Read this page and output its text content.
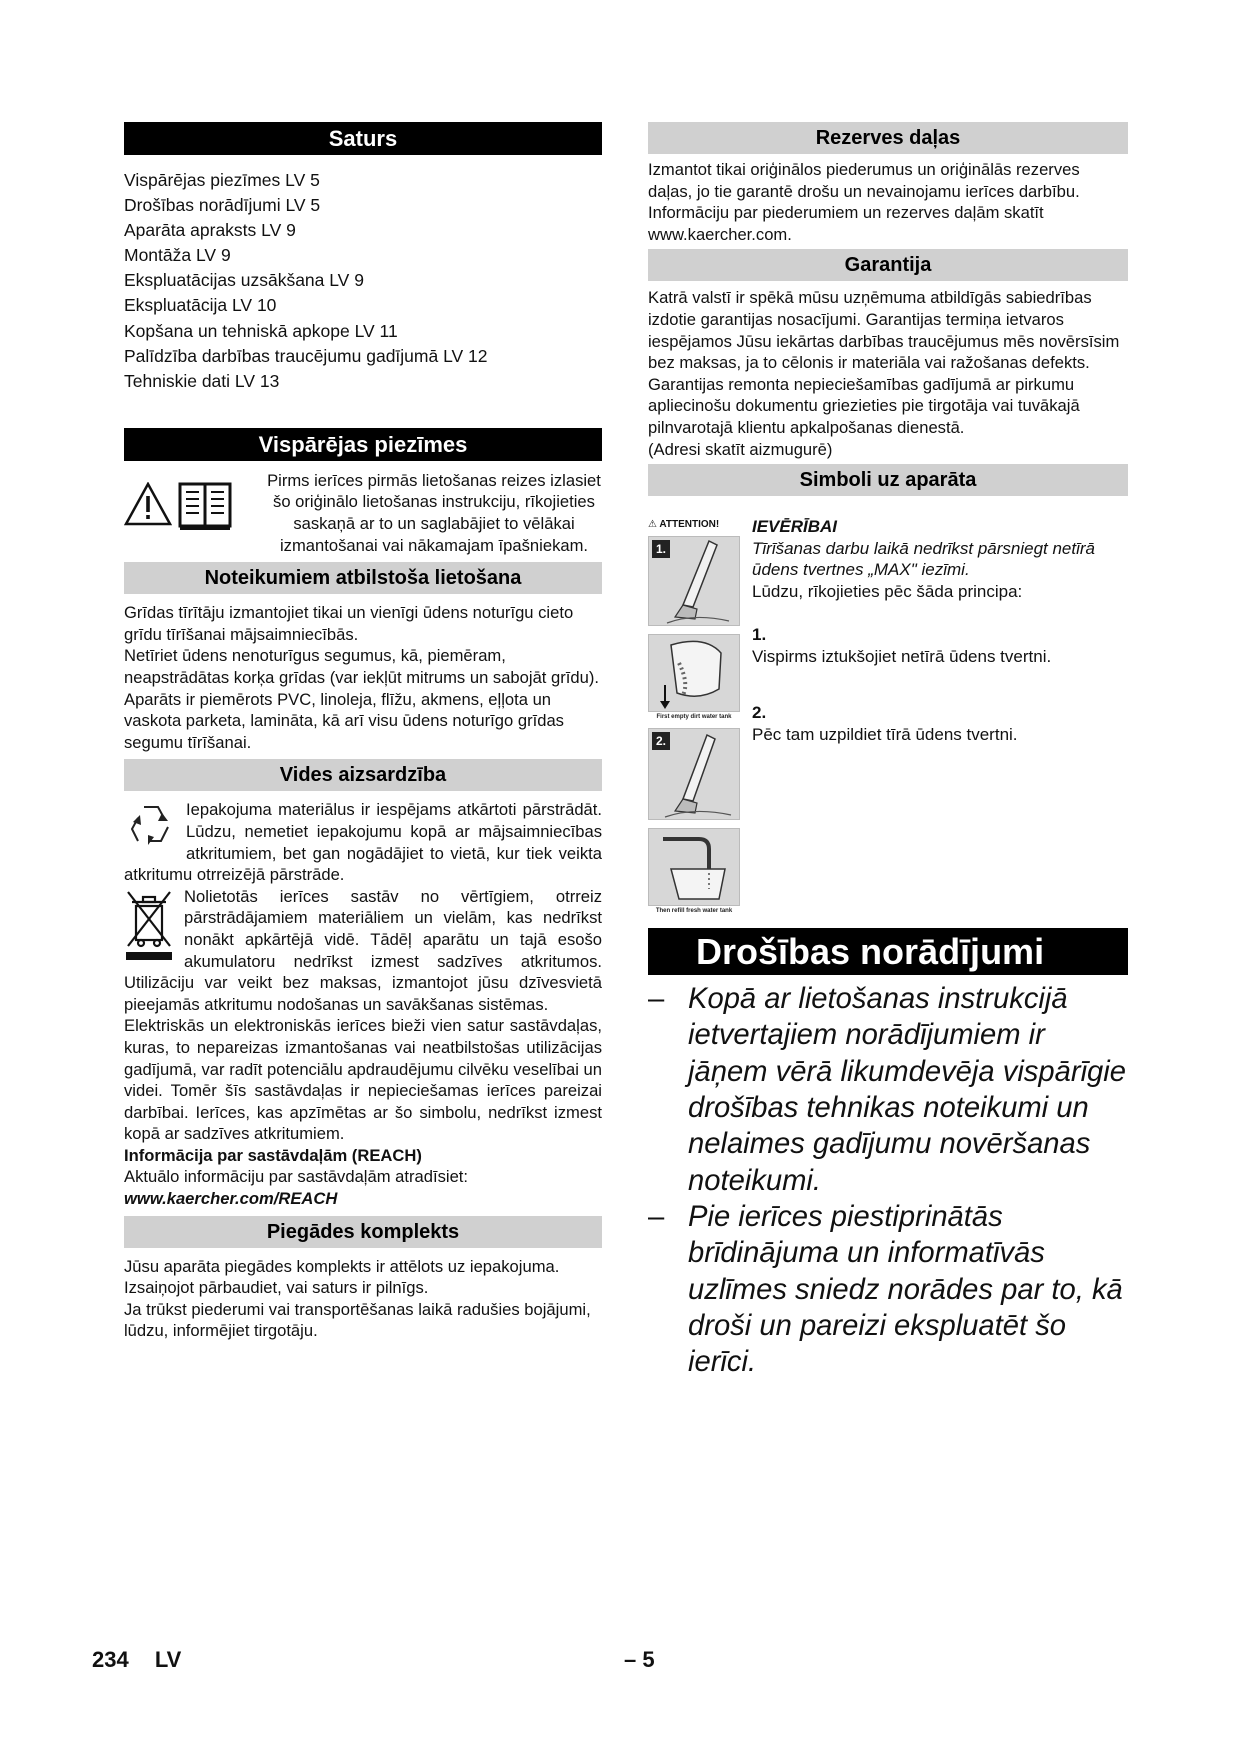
Saturs
Vispārējas piezīmes LV 5
Drošības norādījumi LV 5
Aparāta apraksts LV 9
Montāža LV 9
Ekspluatācijas uzsākšana LV 9
Ekspluatācija LV 10
Kopšana un tehniskā apkope LV 11
Palīdzība darbības traucējumu gadījumā LV 12
Tehniskie dati LV 13
Vispārējas piezīmes
Pirms ierīces pirmās lietošanas reizes izlasiet šo oriģinālo lietošanas instrukciju, rīkojieties saskaņā ar to un saglabājiet to vēlākai izmantošanai vai nākamajam īpašniekam.
Noteikumiem atbilstoša lietošana
Grīdas tīrītāju izmantojiet tikai un vienīgi ūdens noturīgu cieto grīdu tīrīšanai mājsaimniecībās.
Netīriet ūdens nenoturīgus segumus, kā, piemēram, neapstrādātas korķa grīdas (var iekļūt mitrums un sabojāt grīdu).
Aparāts ir piemērots PVC, linoleja, flīžu, akmens, eļļota un vaskota parketa, lamināta, kā arī visu ūdens noturīgo grīdas segumu tīrīšanai.
Vides aizsardzība
Iepakojuma materiālus ir iespējams atkārtoti pārstrādāt. Lūdzu, nemetiet iepakojumu kopā ar mājsaimniecības atkritumiem, bet gan nogādājiet to vietā, kur tiek veikta atkritumu otrreizējā pārstrāde.
Nolietotās ierīces sastāv no vērtīgiem, otrreiz pārstrādājamiem materiāliem un vielām, kas nedrīkst nonākt apkārtējā vidē. Tādēļ aparātu un tajā esošo akumulatoru nedrīkst izmest sadzīves atkritumos. Utilizāciju var veikt bez maksas, izmantojot jūsu dzīvesvietā pieejamās atkritumu nodošanas un savākšanas sistēmas.
Elektriskās un elektroniskās ierīces bieži vien satur sastāvdaļas, kuras, to nepareizas izmantošanas vai neatbilstošas utilizācijas gadījumā, var radīt potenciālu apdraudējumu cilvēku veselībai un videi. Tomēr šīs sastāvdaļas ir nepieciešamas ierīces pareizai darbībai. Ierīces, kas apzīmētas ar šo simbolu, nedrīkst izmest kopā ar sadzīves atkritumiem.
Informācija par sastāvdaļām (REACH)
Aktuālo informāciju par sastāvdaļām atradīsiet:
www.kaercher.com/REACH
Piegādes komplekts
Jūsu aparāta piegādes komplekts ir attēlots uz iepakojuma. Izsaiņojot pārbaudiet, vai saturs ir pilnīgs.
Ja trūkst piederumi vai transportēšanas laikā radušies bojājumi, lūdzu, informējiet tirgotāju.
Rezerves daļas
Izmantot tikai oriģinālos piederumus un oriģinālās rezerves daļas, jo tie garantē drošu un nevainojamu ierīces darbību.
Informāciju par piederumiem un rezerves daļām skatīt www.kaercher.com.
Garantija
Katrā valstī ir spēkā mūsu uzņēmuma atbildīgās sabiedrības izdotie garantijas nosacījumi. Garantijas termiņa ietvaros iespējamos Jūsu iekārtas darbības traucējumus mēs novērsīsim bez maksas, ja to cēlonis ir materiāla vai ražošanas defekts. Garantijas remonta nepieciešamības gadījumā ar pirkumu apliecinošu dokumentu griezieties pie tirgotāja vai tuvākajā pilnvarotajā klientu apkalpošanas dienestā.
(Adresi skatīt aizmugurē)
Simboli uz aparāta
⚠ ATTENTION!
1.
First empty dirt water tank
2.
Then refill fresh water tank
IEVĒRĪBAI
Tīrīšanas darbu laikā nedrīkst pārsniegt netīrā ūdens tvertnes „MAX" iezīmi.
Lūdzu, rīkojieties pēc šāda principa:
1.
Vispirms iztukšojiet netīrā ūdens tvertni.
2.
Pēc tam uzpildiet tīrā ūdens tvertni.
Drošības norādījumi
– Kopā ar lietošanas instrukcijā ietvertajiem norādījumiem ir jāņem vērā likumdevēja vispārīgie drošības tehnikas noteikumi un nelaimes gadījumu novēršanas noteikumi.
– Pie ierīces piestiprinātās brīdinājuma un informatīvās uzlīmes sniedz norādes par to, kā droši un pareizi ekspluatēt šo ierīci.
234 LV	– 5
